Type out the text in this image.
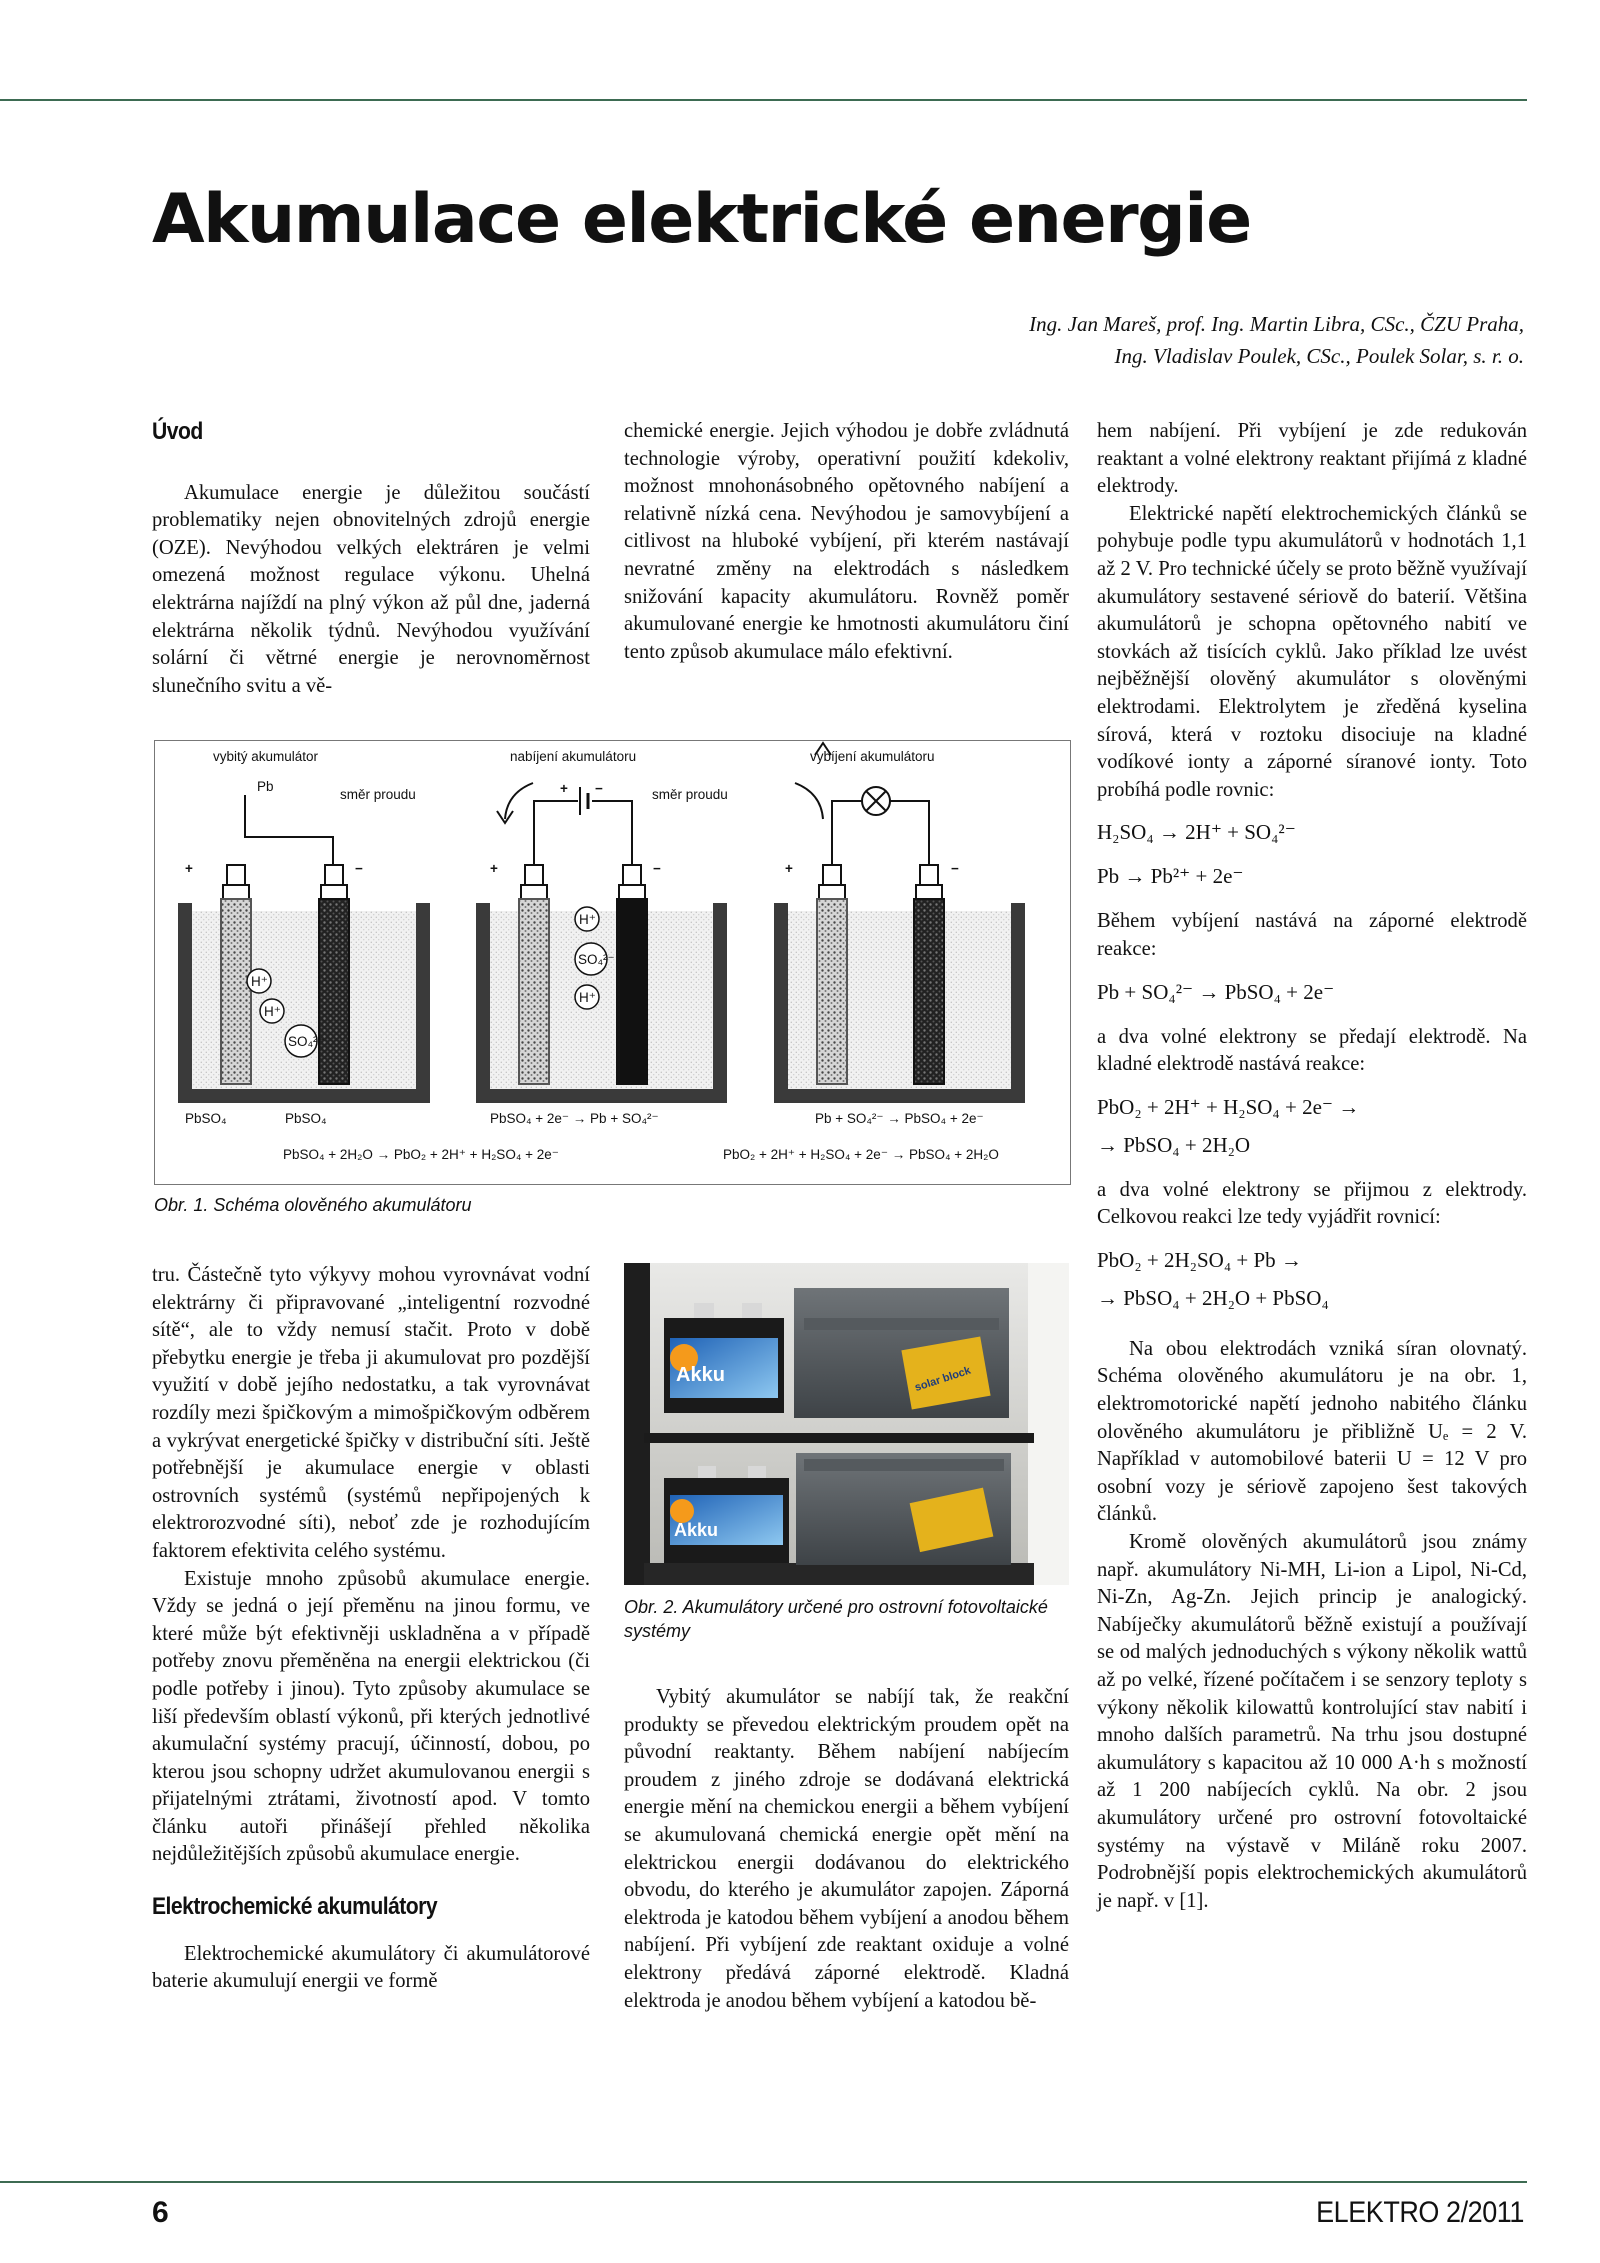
Akumulace elektrické energie
Ing. Jan Mareš, prof. Ing. Martin Libra, CSc., ČZU Praha,
Ing. Vladislav Poulek, CSc., Poulek Solar, s. r. o.
Úvod

Akumulace energie je důležitou součástí problematiky nejen obnovitelných zdrojů energie (OZE). Nevýhodou velkých elektráren je velmi omezená možnost regulace výkonu. Uhelná elektrárna najíždí na plný výkon až půl dne, jaderná elektrárna několik týdnů. Nevýhodou využívání solární či větrné energie je nerovnoměrnost slunečního svitu a vě-

chemické energie. Jejich výhodou je dobře zvládnutá technologie výroby, operativní použití kdekoliv, možnost mnohonásobného opětovného nabíjení a relativně nízká cena. Nevýhodou je samovybíjení a citlivost na hluboké vybíjení, při kterém nastávají nevratné změny na elektrodách s následkem snižování kapacity akumulátoru. Rovněž poměr akumulované energie ke hmotnosti akumulátoru činí tento způsob akumulace málo efektivní.

hem nabíjení. Při vybíjení je zde redukován reaktant a volné elektrony reaktant přijímá z kladné elektrody.

Elektrické napětí elektrochemických článků se pohybuje podle typu akumulátorů v hodnotách 1,1 až 2 V. Pro technické účely se proto běžně využívají akumulátory sestavené sériově do baterií. Většina akumulátorů je schopna opětovného nabití ve stovkách až tisících cyklů. Jako příklad lze uvést nejběžnější olověný akumulátor s olověnými elektrodami. Elektrolytem je zředěná kyselina sírová, která v roztoku disociuje na kladné vodíkové ionty a záporné síranové ionty. Toto probíhá podle rovnic:

H₂SO₄ → 2H⁺ + SO₄²⁻

Pb → Pb²⁺ + 2e⁻

Během vybíjení nastává na záporné elektrodě reakce:

Pb + SO₄²⁻ → PbSO₄ + 2e⁻

a dva volné elektrony se předají elektrodě. Na kladné elektrodě nastává reakce:

PbO₂ + 2H⁺ + H₂SO₄ + 2e⁻ →

→ PbSO₄ + 2H₂O

a dva volné elektrony se přijmou z elektrody. Celkovou reakci lze tedy vyjádřit rovnicí:

PbO₂ + 2H₂SO₄ + Pb →

→ PbSO₄ + 2H₂O + PbSO₄

Na obou elektrodách vzniká síran olovnatý. Schéma olověného akumulátoru je na obr. 1, elektromotorické napětí jednoho nabitého článku olověného akumulátoru je přibližně Uₑ = 2 V. Například v automobilové baterii U = 12 V pro osobní vozy je sériově zapojeno šest takových článků.

Kromě olověných akumulátorů jsou známy např. akumulátory Ni-MH, Li-ion a Lipol, Ni-Cd, Ni-Zn, Ag-Zn. Jejich princip je analogický. Nabíječky akumulátorů běžně existují a používají se od malých jednoduchých s výkony několik wattů až po velké, řízené počítačem i se senzory teploty s výkony několik kilowattů kontrolující stav nabití i mnoho dalších parametrů. Na trhu jsou dostupné akumulátory s kapacitou až 10 000 A·h s možností až 1 200 nabíjecích cyklů. Na obr. 2 jsou akumulátory určené pro ostrovní fotovoltaické systémy na výstavě v Miláně roku 2007. Podrobnější popis elektrochemických akumulátorů je např. v [1].

+	−	+	−
+ −
+	−
vybitý akumulátor	nabíjení akumulátoru	vybíjení akumulátoru
Pb
směr proudu	směr proudu
H⁺
H⁺
SO₄²⁻
H⁺
SO₄²⁻
H⁺
PbSO₄	PbSO₄	PbSO₄ + 2e⁻ → Pb + SO₄²⁻	Pb + SO₄²⁻ → PbSO₄ + 2e⁻
PbSO₄ + 2H₂O → PbO₂ + 2H⁺ + H₂SO₄ + 2e⁻	PbO₂ + 2H⁺ + H₂SO₄ + 2e⁻ → PbSO₄ + 2H₂O
Obr. 1. Schéma olověného akumulátoru

tru. Částečně tyto výkyvy mohou vyrovnávat vodní elektrárny či připravované „inteligentní rozvodné sítě“, ale to vždy nemusí stačit. Proto v době přebytku energie je třeba ji akumulovat pro pozdější využití v době jejího nedostatku, a tak vyrovnávat rozdíly mezi špičkovým a mimošpičkovým odběrem a vykrývat energetické špičky v distribuční síti. Ještě potřebnější je akumulace energie v oblasti ostrovních systémů (systémů nepřipojených k elektrorozvodné síti), neboť zde je rozhodujícím faktorem efektivita celého systému.

Existuje mnoho způsobů akumulace energie. Vždy se jedná o její přeměnu na jinou formu, ve které může být efektivněji uskladněna a v případě potřeby znovu přeměněna na energii elektrickou (či podle potřeby i jinou). Tyto způsoby akumulace se liší především oblastí výkonů, při kterých jednotlivé akumulační systémy pracují, účinností, dobou, po kterou jsou schopny udržet akumulovanou energii s přijatelnými ztrátami, životností apod. V tomto článku autoři přinášejí přehled několika nejdůležitějších způsobů akumulace energie.

Elektrochemické akumulátory

Elektrochemické akumulátory či akumulátorové baterie akumulují energii ve formě

Akku	solar block
Akku
Obr. 2. Akumulátory určené pro ostrovní fotovoltaické systémy

Vybitý akumulátor se nabíjí tak, že reakční produkty se převedou elektrickým proudem opět na původní reaktanty. Během nabíjení nabíjecím proudem z jiného zdroje se dodávaná elektrická energie mění na chemickou energii a během vybíjení se akumulovaná chemická energie opět mění na elektrickou energii dodávanou do elektrického obvodu, do kterého je akumulátor zapojen. Záporná elektroda je katodou během vybíjení a anodou během nabíjení. Při vybíjení zde reaktant oxiduje a volné elektrony předává záporné elektrodě. Kladná elektroda je anodou během vybíjení a katodou bě-

6	ELEKTRO 2/2011
